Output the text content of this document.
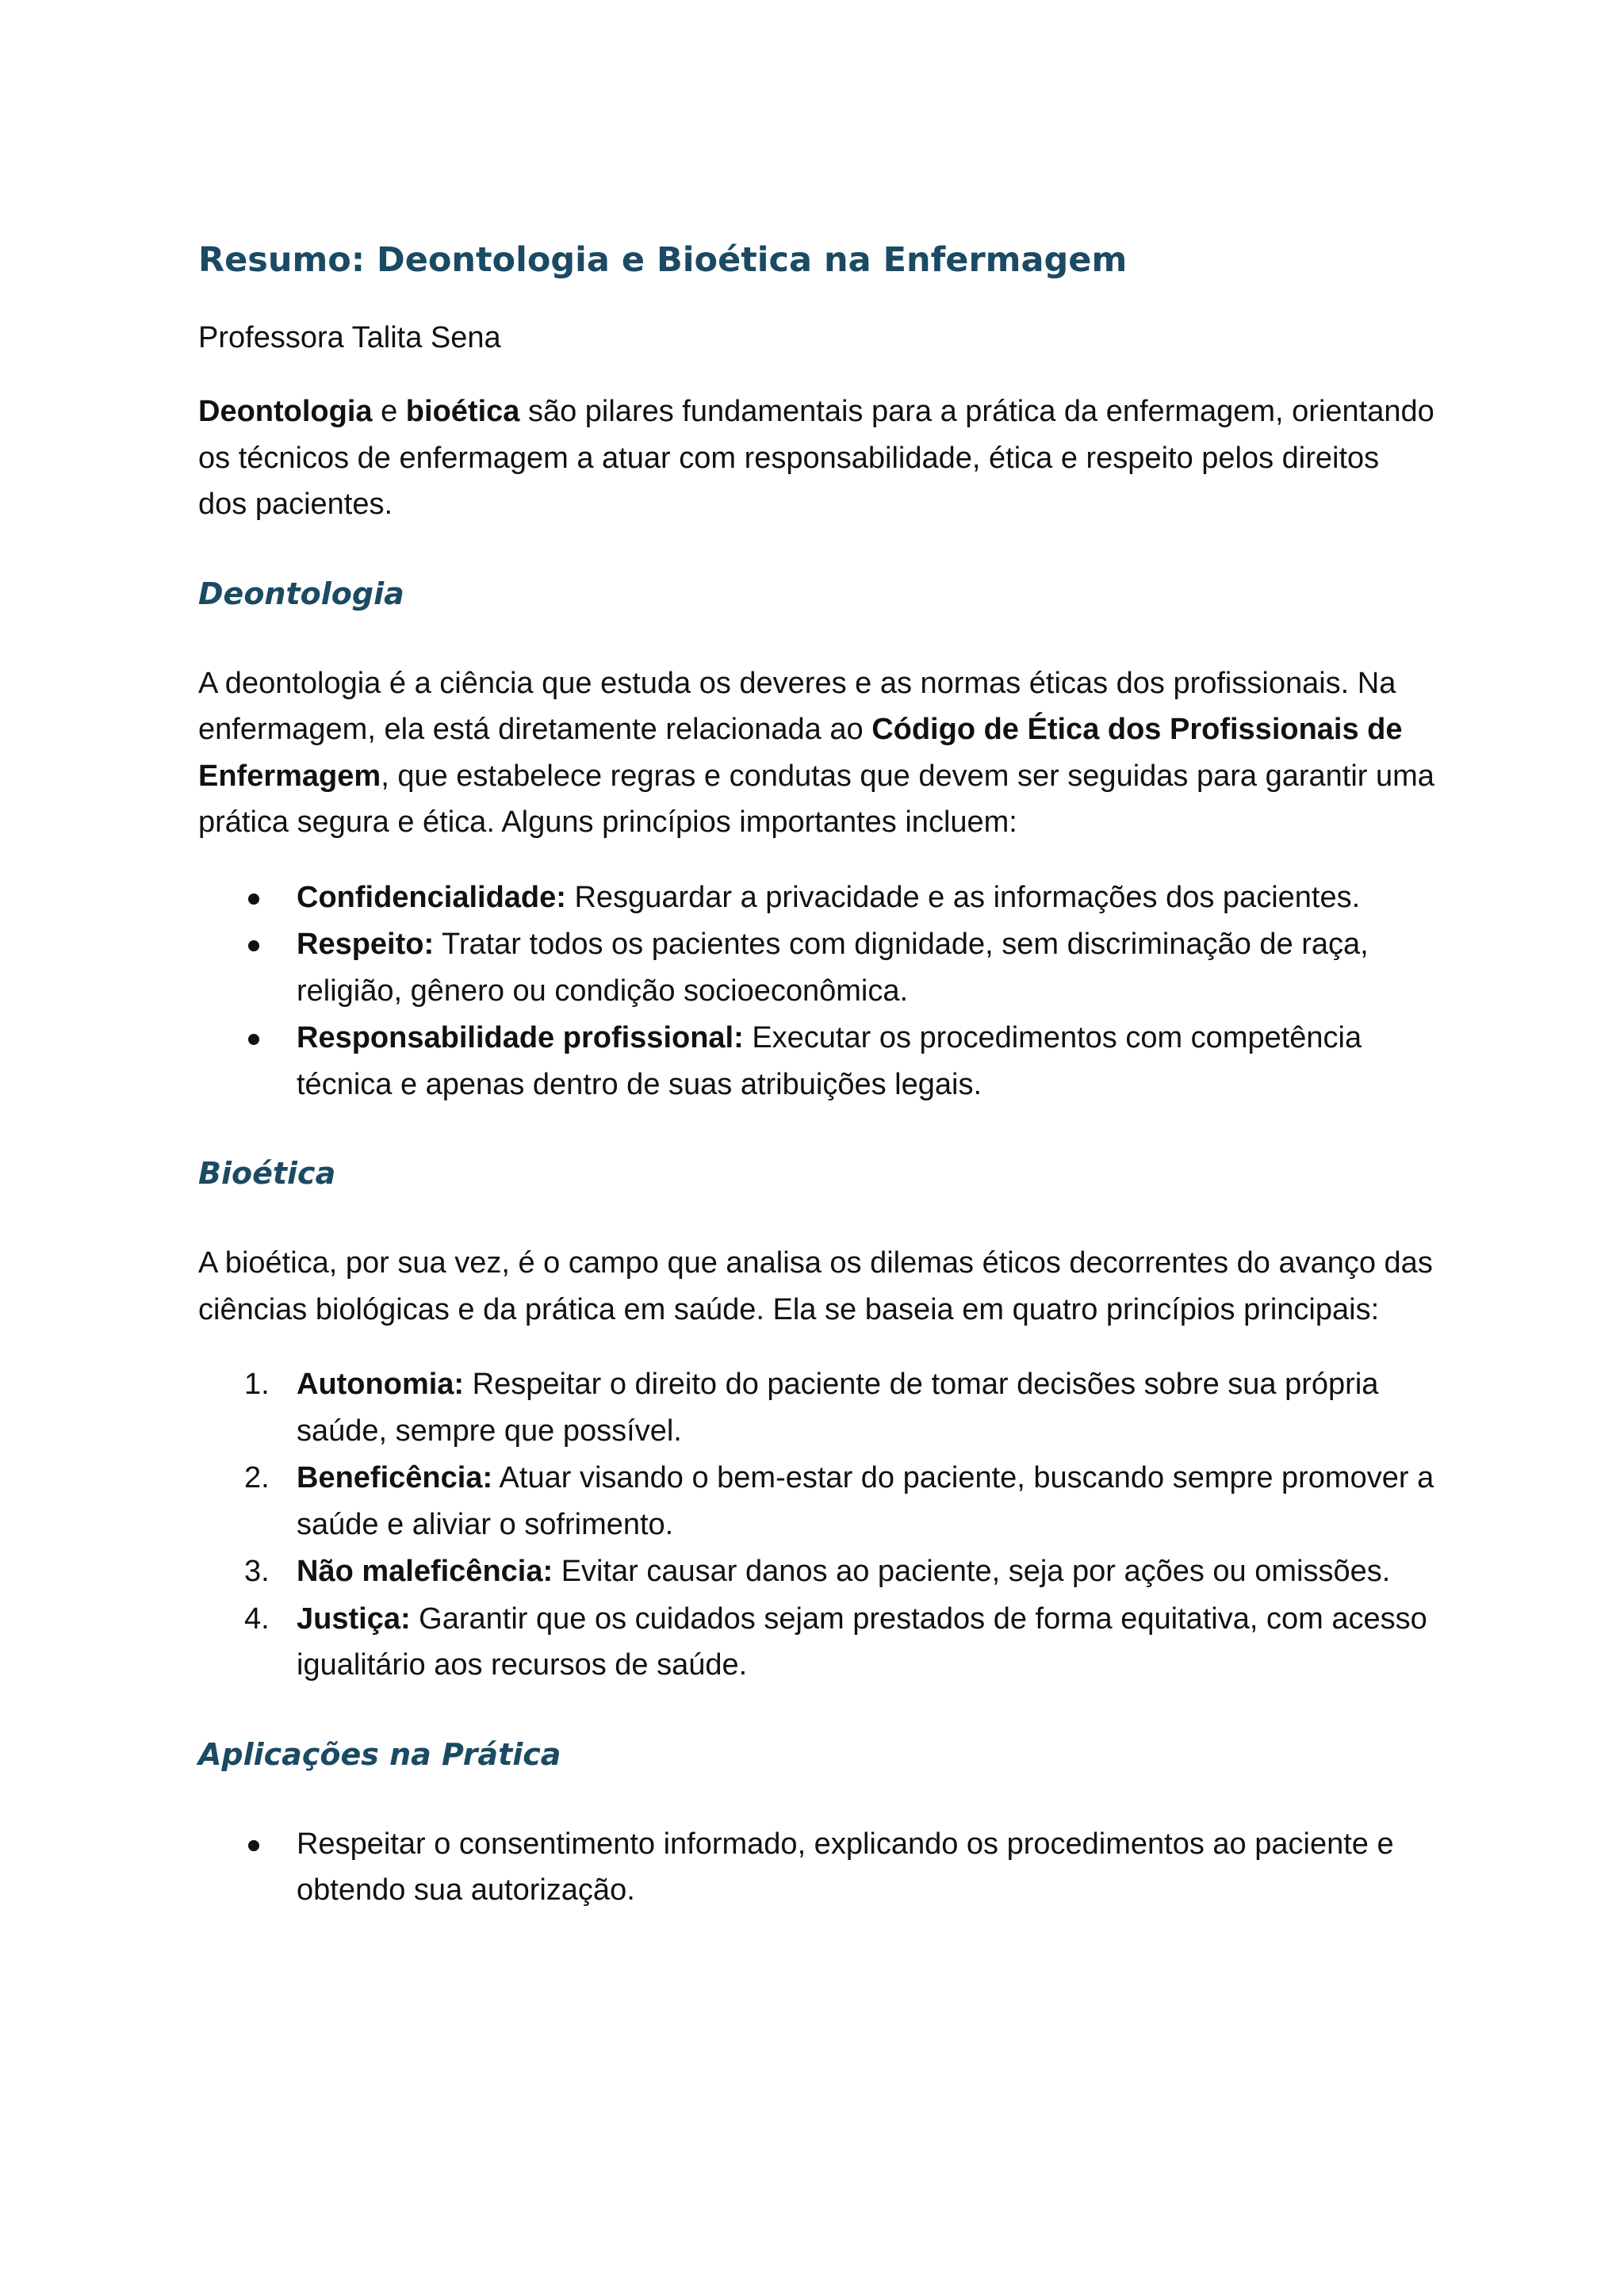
Resumo: Deontologia e Bioética na Enfermagem
Professora Talita Sena

Deontologia e bioética são pilares fundamentais para a prática da enfermagem, orientando os técnicos de enfermagem a atuar com responsabilidade, ética e respeito pelos direitos dos pacientes.

Deontologia

A deontologia é a ciência que estuda os deveres e as normas éticas dos profissionais. Na enfermagem, ela está diretamente relacionada ao Código de Ética dos Profissionais de Enfermagem, que estabelece regras e condutas que devem ser seguidas para garantir uma prática segura e ética. Alguns princípios importantes incluem:

Confidencialidade: Resguardar a privacidade e as informações dos pacientes.
Respeito: Tratar todos os pacientes com dignidade, sem discriminação de raça, religião, gênero ou condição socioeconômica.
Responsabilidade profissional: Executar os procedimentos com competência técnica e apenas dentro de suas atribuições legais.
Bioética

A bioética, por sua vez, é o campo que analisa os dilemas éticos decorrentes do avanço das ciências biológicas e da prática em saúde. Ela se baseia em quatro princípios principais:

1. Autonomia: Respeitar o direito do paciente de tomar decisões sobre sua própria saúde, sempre que possível.
2. Beneficência: Atuar visando o bem-estar do paciente, buscando sempre promover a saúde e aliviar o sofrimento.
3. Não maleficência: Evitar causar danos ao paciente, seja por ações ou omissões.
4. Justiça: Garantir que os cuidados sejam prestados de forma equitativa, com acesso igualitário aos recursos de saúde.
Aplicações na Prática
Respeitar o consentimento informado, explicando os procedimentos ao paciente e obtendo sua autorização.
